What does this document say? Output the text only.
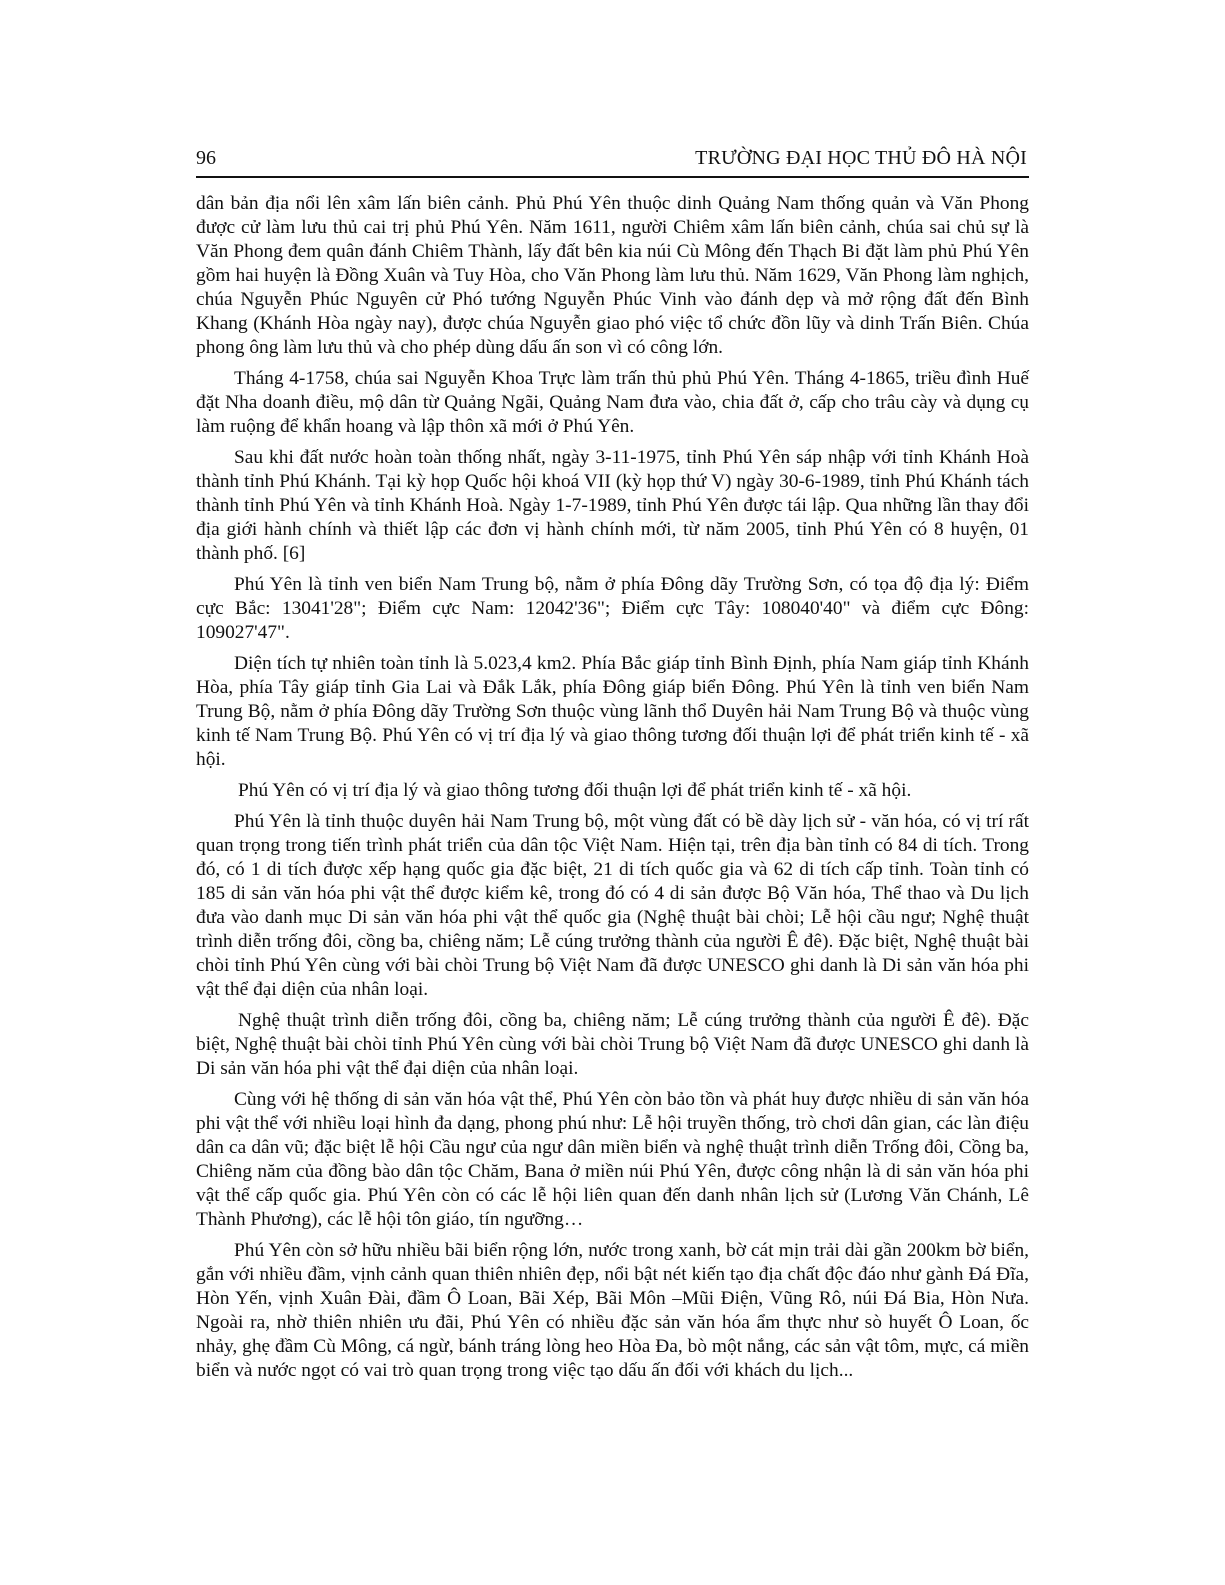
96	TRƯỜNG ĐẠI HỌC THỦ ĐÔ HÀ NỘI

dân bản địa nổi lên xâm lấn biên cảnh. Phủ Phú Yên thuộc dinh Quảng Nam thống quản và Văn Phong được cử làm lưu thủ cai trị phủ Phú Yên. Năm 1611, người Chiêm xâm lấn biên cảnh, chúa sai chủ sự là Văn Phong đem quân đánh Chiêm Thành, lấy đất bên kia núi Cù Mông đến Thạch Bi đặt làm phủ Phú Yên gồm hai huyện là Đồng Xuân và Tuy Hòa, cho Văn Phong làm lưu thủ. Năm 1629, Văn Phong làm nghịch, chúa Nguyễn Phúc Nguyên cử Phó tướng Nguyễn Phúc Vinh vào đánh dẹp và mở rộng đất đến Bình Khang (Khánh Hòa ngày nay), được chúa Nguyễn giao phó việc tổ chức đồn lũy và dinh Trấn Biên. Chúa phong ông làm lưu thủ và cho phép dùng dấu ấn son vì có công lớn.

Tháng 4-1758, chúa sai Nguyễn Khoa Trực làm trấn thủ phủ Phú Yên. Tháng 4-1865, triều đình Huế đặt Nha doanh điều, mộ dân từ Quảng Ngãi, Quảng Nam đưa vào, chia đất ở, cấp cho trâu cày và dụng cụ làm ruộng để khẩn hoang và lập thôn xã mới ở Phú Yên.

Sau khi đất nước hoàn toàn thống nhất, ngày 3-11-1975, tỉnh Phú Yên sáp nhập với tỉnh Khánh Hoà thành tỉnh Phú Khánh. Tại kỳ họp Quốc hội khoá VII (kỳ họp thứ V) ngày 30-6-1989, tỉnh Phú Khánh tách thành tỉnh Phú Yên và tỉnh Khánh Hoà. Ngày 1-7-1989, tỉnh Phú Yên được tái lập. Qua những lần thay đổi địa giới hành chính và thiết lập các đơn vị hành chính mới, từ năm 2005, tỉnh Phú Yên có 8 huyện, 01 thành phố. [6]

Phú Yên là tỉnh ven biển Nam Trung bộ, nằm ở phía Đông dãy Trường Sơn, có tọa độ địa lý: Điểm cực Bắc: 13041'28"; Điểm cực Nam: 12042'36"; Điểm cực Tây: 108040'40" và điểm cực Đông: 109027'47".

Diện tích tự nhiên toàn tỉnh là 5.023,4 km2. Phía Bắc giáp tỉnh Bình Định, phía Nam giáp tỉnh Khánh Hòa, phía Tây giáp tỉnh Gia Lai và Đắk Lắk, phía Đông giáp biển Đông. Phú Yên là tỉnh ven biển Nam Trung Bộ, nằm ở phía Đông dãy Trường Sơn thuộc vùng lãnh thổ Duyên hải Nam Trung Bộ và thuộc vùng kinh tế Nam Trung Bộ. Phú Yên có vị trí địa lý và giao thông tương đối thuận lợi để phát triển kinh tế - xã hội.

Phú Yên có vị trí địa lý và giao thông tương đối thuận lợi để phát triển kinh tế - xã hội.

Phú Yên là tỉnh thuộc duyên hải Nam Trung bộ, một vùng đất có bề dày lịch sử - văn hóa, có vị trí rất quan trọng trong tiến trình phát triển của dân tộc Việt Nam. Hiện tại, trên địa bàn tỉnh có 84 di tích. Trong đó, có 1 di tích được xếp hạng quốc gia đặc biệt, 21 di tích quốc gia và 62 di tích cấp tỉnh. Toàn tỉnh có 185 di sản văn hóa phi vật thể được kiểm kê, trong đó có 4 di sản được Bộ Văn hóa, Thể thao và Du lịch đưa vào danh mục Di sản văn hóa phi vật thể quốc gia (Nghệ thuật bài chòi; Lễ hội cầu ngư; Nghệ thuật trình diễn trống đôi, cồng ba, chiêng năm; Lễ cúng trưởng thành của người Ê đê). Đặc biệt, Nghệ thuật bài chòi tỉnh Phú Yên cùng với bài chòi Trung bộ Việt Nam đã được UNESCO ghi danh là Di sản văn hóa phi vật thể đại diện của nhân loại.

Nghệ thuật trình diễn trống đôi, cồng ba, chiêng năm; Lễ cúng trưởng thành của người Ê đê). Đặc biệt, Nghệ thuật bài chòi tỉnh Phú Yên cùng với bài chòi Trung bộ Việt Nam đã được UNESCO ghi danh là Di sản văn hóa phi vật thể đại diện của nhân loại.

Cùng với hệ thống di sản văn hóa vật thể, Phú Yên còn bảo tồn và phát huy được nhiều di sản văn hóa phi vật thể với nhiều loại hình đa dạng, phong phú như: Lễ hội truyền thống, trò chơi dân gian, các làn điệu dân ca dân vũ; đặc biệt lễ hội Cầu ngư của ngư dân miền biển và nghệ thuật trình diễn Trống đôi, Cồng ba, Chiêng năm của đồng bào dân tộc Chăm, Bana ở miền núi Phú Yên, được công nhận là di sản văn hóa phi vật thể cấp quốc gia. Phú Yên còn có các lễ hội liên quan đến danh nhân lịch sử (Lương Văn Chánh, Lê Thành Phương), các lễ hội tôn giáo, tín ngưỡng…

Phú Yên còn sở hữu nhiều bãi biển rộng lớn, nước trong xanh, bờ cát mịn trải dài gần 200km bờ biển, gắn với nhiều đầm, vịnh cảnh quan thiên nhiên đẹp, nổi bật nét kiến tạo địa chất độc đáo như gành Đá Đĩa, Hòn Yến, vịnh Xuân Đài, đầm Ô Loan, Bãi Xép, Bãi Môn –Mũi Điện, Vũng Rô, núi Đá Bia, Hòn Nưa. Ngoài ra, nhờ thiên nhiên ưu đãi, Phú Yên có nhiều đặc sản văn hóa ẩm thực như sò huyết Ô Loan, ốc nhảy, ghẹ đầm Cù Mông, cá ngừ, bánh tráng lòng heo Hòa Đa, bò một nắng, các sản vật tôm, mực, cá miền biển và nước ngọt có vai trò quan trọng trong việc tạo dấu ấn đối với khách du lịch...
